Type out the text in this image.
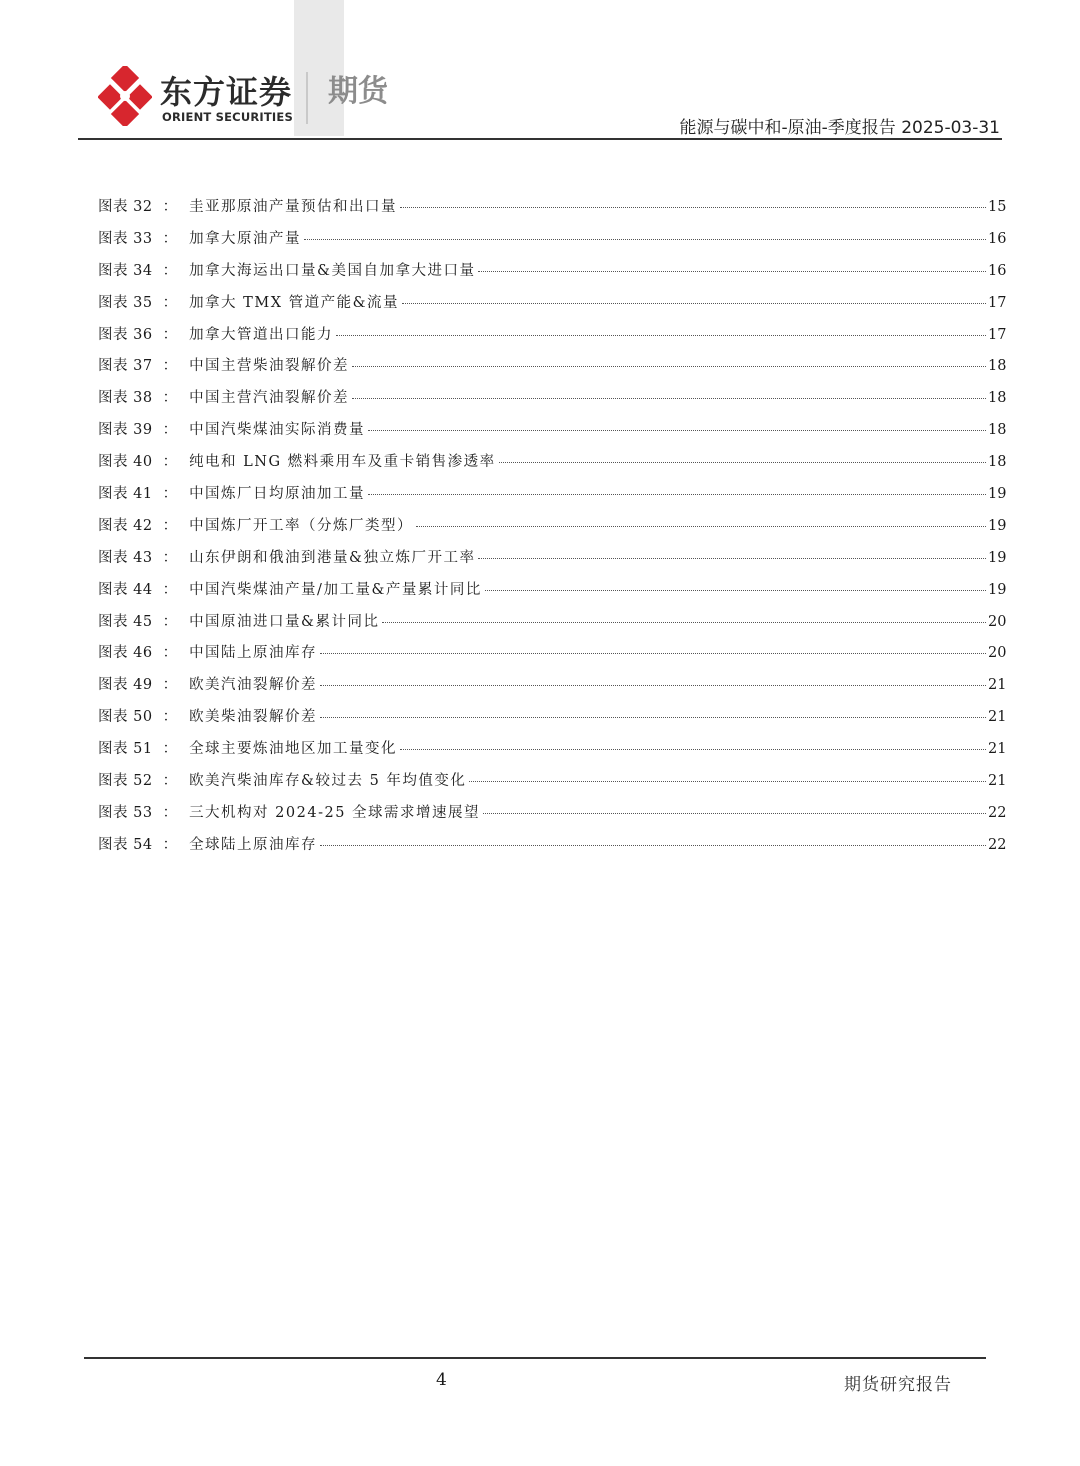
东方证券
ORIENT SECURITIES
期货
能源与碳中和-原油-季度报告 2025-03-31
图表 32 ： 圭亚那原油产量预估和出口量	15
图表 33 ： 加拿大原油产量	16
图表 34 ： 加拿大海运出口量&美国自加拿大进口量	16
图表 35 ： 加拿大 TMX 管道产能&流量	17
图表 36 ： 加拿大管道出口能力	17
图表 37 ： 中国主营柴油裂解价差	18
图表 38 ： 中国主营汽油裂解价差	18
图表 39 ： 中国汽柴煤油实际消费量	18
图表 40 ： 纯电和 LNG 燃料乘用车及重卡销售渗透率	18
图表 41 ： 中国炼厂日均原油加工量	19
图表 42 ： 中国炼厂开工率（分炼厂类型）	19
图表 43 ： 山东伊朗和俄油到港量&独立炼厂开工率	19
图表 44 ： 中国汽柴煤油产量/加工量&产量累计同比	19
图表 45 ： 中国原油进口量&累计同比	20
图表 46 ： 中国陆上原油库存	20
图表 49 ： 欧美汽油裂解价差	21
图表 50 ： 欧美柴油裂解价差	21
图表 51 ： 全球主要炼油地区加工量变化	21
图表 52 ： 欧美汽柴油库存&较过去 5 年均值变化	21
图表 53 ： 三大机构对 2024-25 全球需求增速展望	22
图表 54 ： 全球陆上原油库存	22
4	期货研究报告
